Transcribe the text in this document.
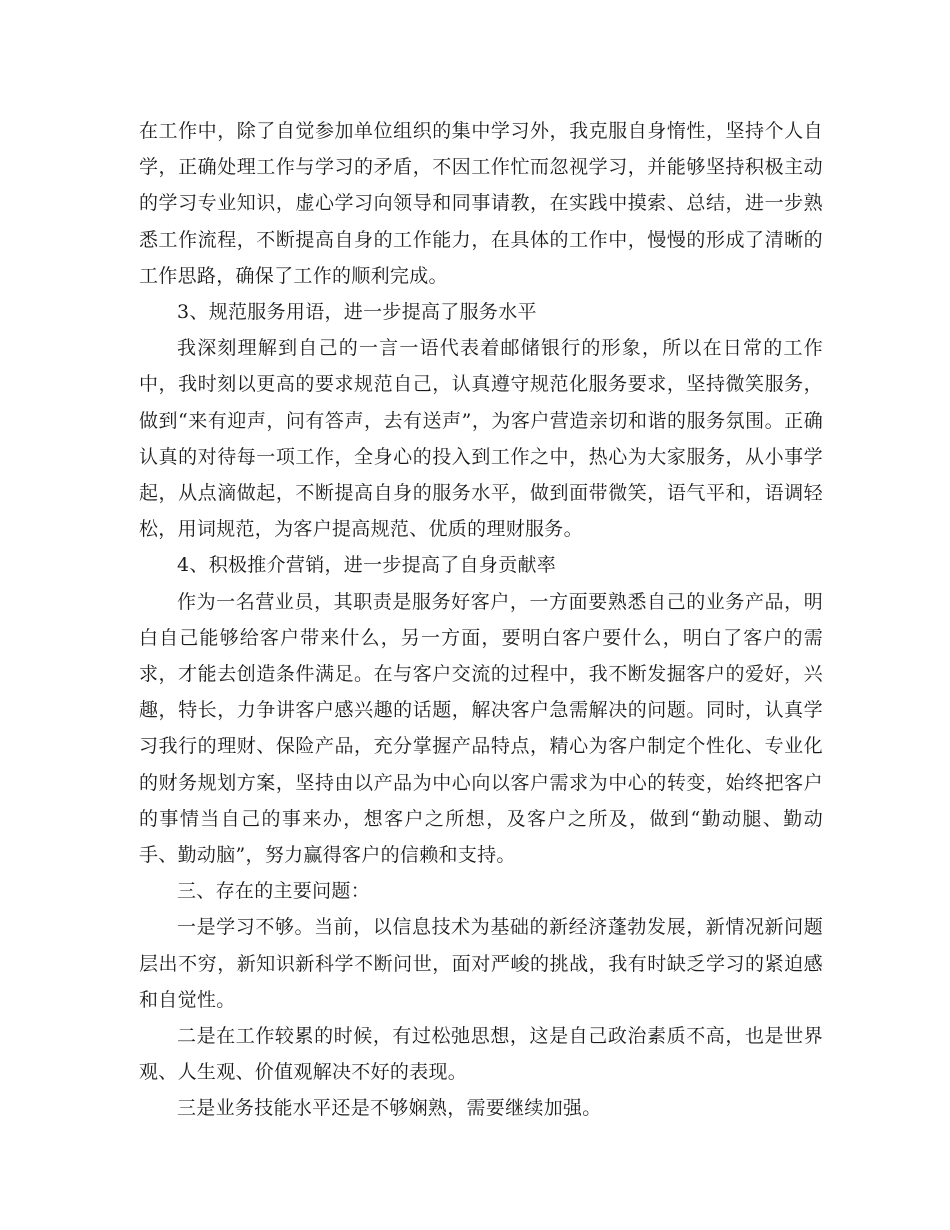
在工作中，除了自觉参加单位组织的集中学习外，我克服自身惰性，坚持个人自学，正确处理工作与学习的矛盾，不因工作忙而忽视学习，并能够坚持积极主动的学习专业知识，虚心学习向领导和同事请教，在实践中摸索、总结，进一步熟悉工作流程，不断提高自身的工作能力，在具体的工作中，慢慢的形成了清晰的工作思路，确保了工作的顺利完成。

3、规范服务用语，进一步提高了服务水平

我深刻理解到自己的一言一语代表着邮储银行的形象，所以在日常的工作中，我时刻以更高的要求规范自己，认真遵守规范化服务要求，坚持微笑服务，做到“来有迎声，问有答声，去有送声”，为客户营造亲切和谐的服务氛围。正确认真的对待每一项工作，全身心的投入到工作之中，热心为大家服务，从小事学起，从点滴做起，不断提高自身的服务水平，做到面带微笑，语气平和，语调轻松，用词规范，为客户提高规范、优质的理财服务。

4、积极推介营销，进一步提高了自身贡献率

作为一名营业员，其职责是服务好客户，一方面要熟悉自己的业务产品，明白自己能够给客户带来什么，另一方面，要明白客户要什么，明白了客户的需求，才能去创造条件满足。在与客户交流的过程中，我不断发掘客户的爱好，兴趣，特长，力争讲客户感兴趣的话题，解决客户急需解决的问题。同时，认真学习我行的理财、保险产品，充分掌握产品特点，精心为客户制定个性化、专业化的财务规划方案，坚持由以产品为中心向以客户需求为中心的转变，始终把客户的事情当自己的事来办，想客户之所想，及客户之所及，做到“勤动腿、勤动手、勤动脑”，努力赢得客户的信赖和支持。

三、存在的主要问题：

一是学习不够。当前，以信息技术为基础的新经济蓬勃发展，新情况新问题层出不穷，新知识新科学不断问世，面对严峻的挑战，我有时缺乏学习的紧迫感和自觉性。

二是在工作较累的时候，有过松弛思想，这是自己政治素质不高，也是世界观、人生观、价值观解决不好的表现。

三是业务技能水平还是不够娴熟，需要继续加强。
